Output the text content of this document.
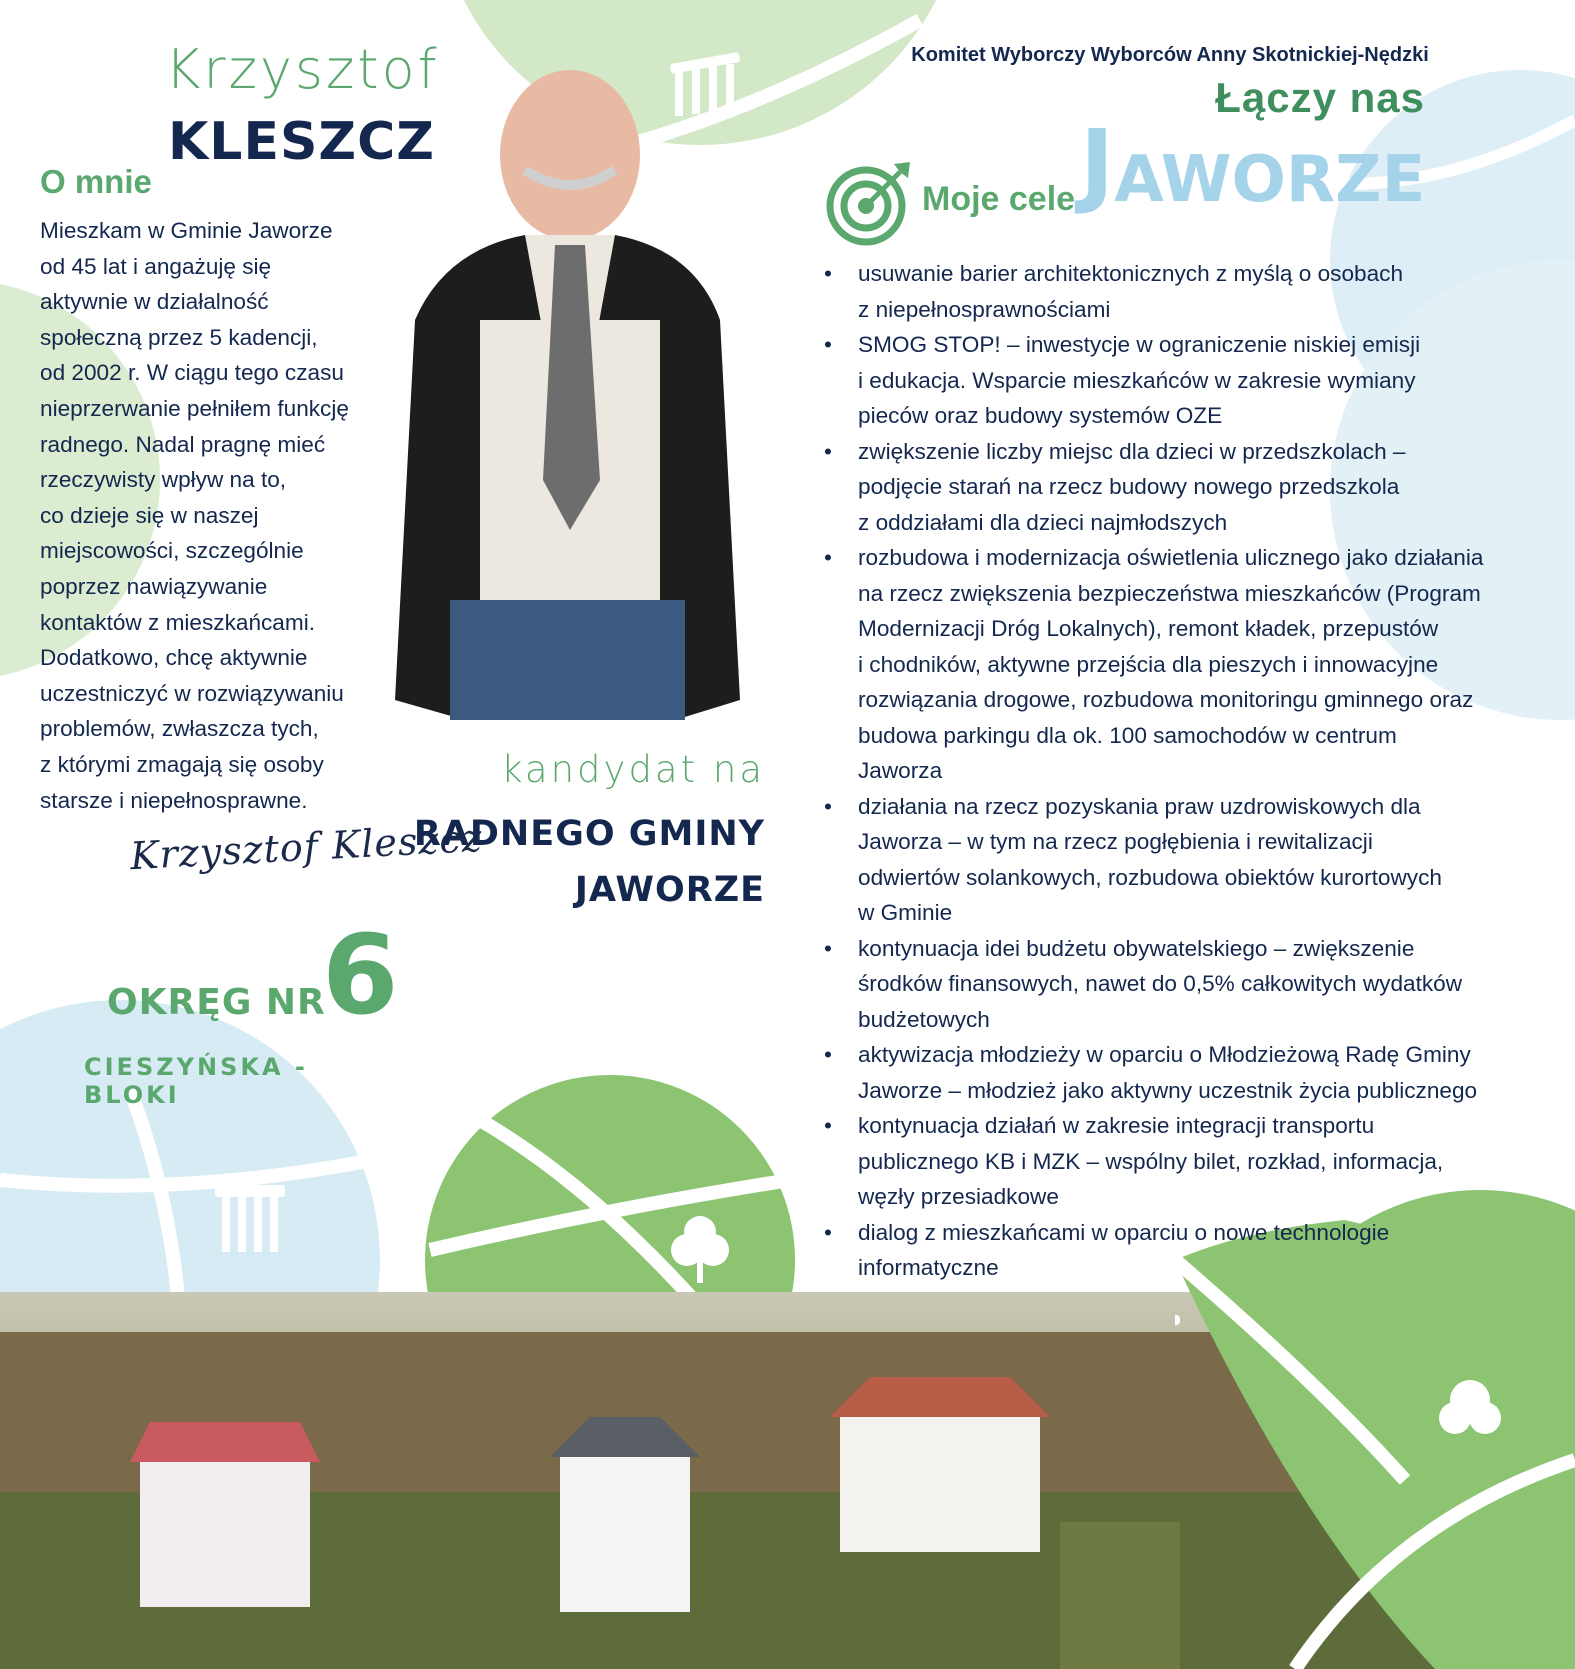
Krzysztof
KLESZCZ
O mnie
Mieszkam w Gminie Jaworze
od 45 lat i angażuję się
aktywnie w działalność
społeczną przez 5 kadencji,
od 2002 r. W ciągu tego czasu
nieprzerwanie pełniłem funkcję
radnego. Nadal pragnę mieć
rzeczywisty wpływ na to,
co dzieje się w naszej
miejscowości, szczególnie
poprzez nawiązywanie
kontaktów z mieszkańcami.
Dodatkowo, chcę aktywnie
uczestniczyć w rozwiązywaniu
problemów, zwłaszcza tych,
z którymi zmagają się osoby
starsze i niepełnosprawne.
Krzysztof Kleszcz
OKRĘG NR
6
CIESZYŃSKA - BLOKI
kandydat na
RADNEGO GMINY
JAWORZE
Komitet Wyborczy Wyborców Anny Skotnickiej-Nędzki
Łączy nas
JAWORZE
Moje cele
• usuwanie barier architektonicznych z myślą o osobach
z niepełnosprawnościami
• SMOG STOP! – inwestycje w ograniczenie niskiej emisji
i edukacja. Wsparcie mieszkańców w zakresie wymiany
pieców oraz budowy systemów OZE
• zwiększenie liczby miejsc dla dzieci w przedszkolach –
podjęcie starań na rzecz budowy nowego przedszkola
z oddziałami dla dzieci najmłodszych
• rozbudowa i modernizacja oświetlenia ulicznego jako działania
na rzecz zwiększenia bezpieczeństwa mieszkańców (Program
Modernizacji Dróg Lokalnych), remont kładek, przepustów
i chodników, aktywne przejścia dla pieszych i innowacyjne
rozwiązania drogowe, rozbudowa monitoringu gminnego oraz
budowa parkingu dla ok. 100 samochodów w centrum
Jaworza
• działania na rzecz pozyskania praw uzdrowiskowych dla
Jaworza – w tym na rzecz pogłębienia i rewitalizacji
odwiertów solankowych, rozbudowa obiektów kurortowych
w Gminie
• kontynuacja idei budżetu obywatelskiego – zwiększenie
środków finansowych, nawet do 0,5% całkowitych wydatków
budżetowych
• aktywizacja młodzieży w oparciu o Młodzieżową Radę Gminy
Jaworze – młodzież jako aktywny uczestnik życia publicznego
• kontynuacja działań w zakresie integracji transportu
publicznego KB i MZK – wspólny bilet, rozkład, informacja,
węzły przesiadkowe
• dialog z mieszkańcami w oparciu o nowe technologie
informatyczne
